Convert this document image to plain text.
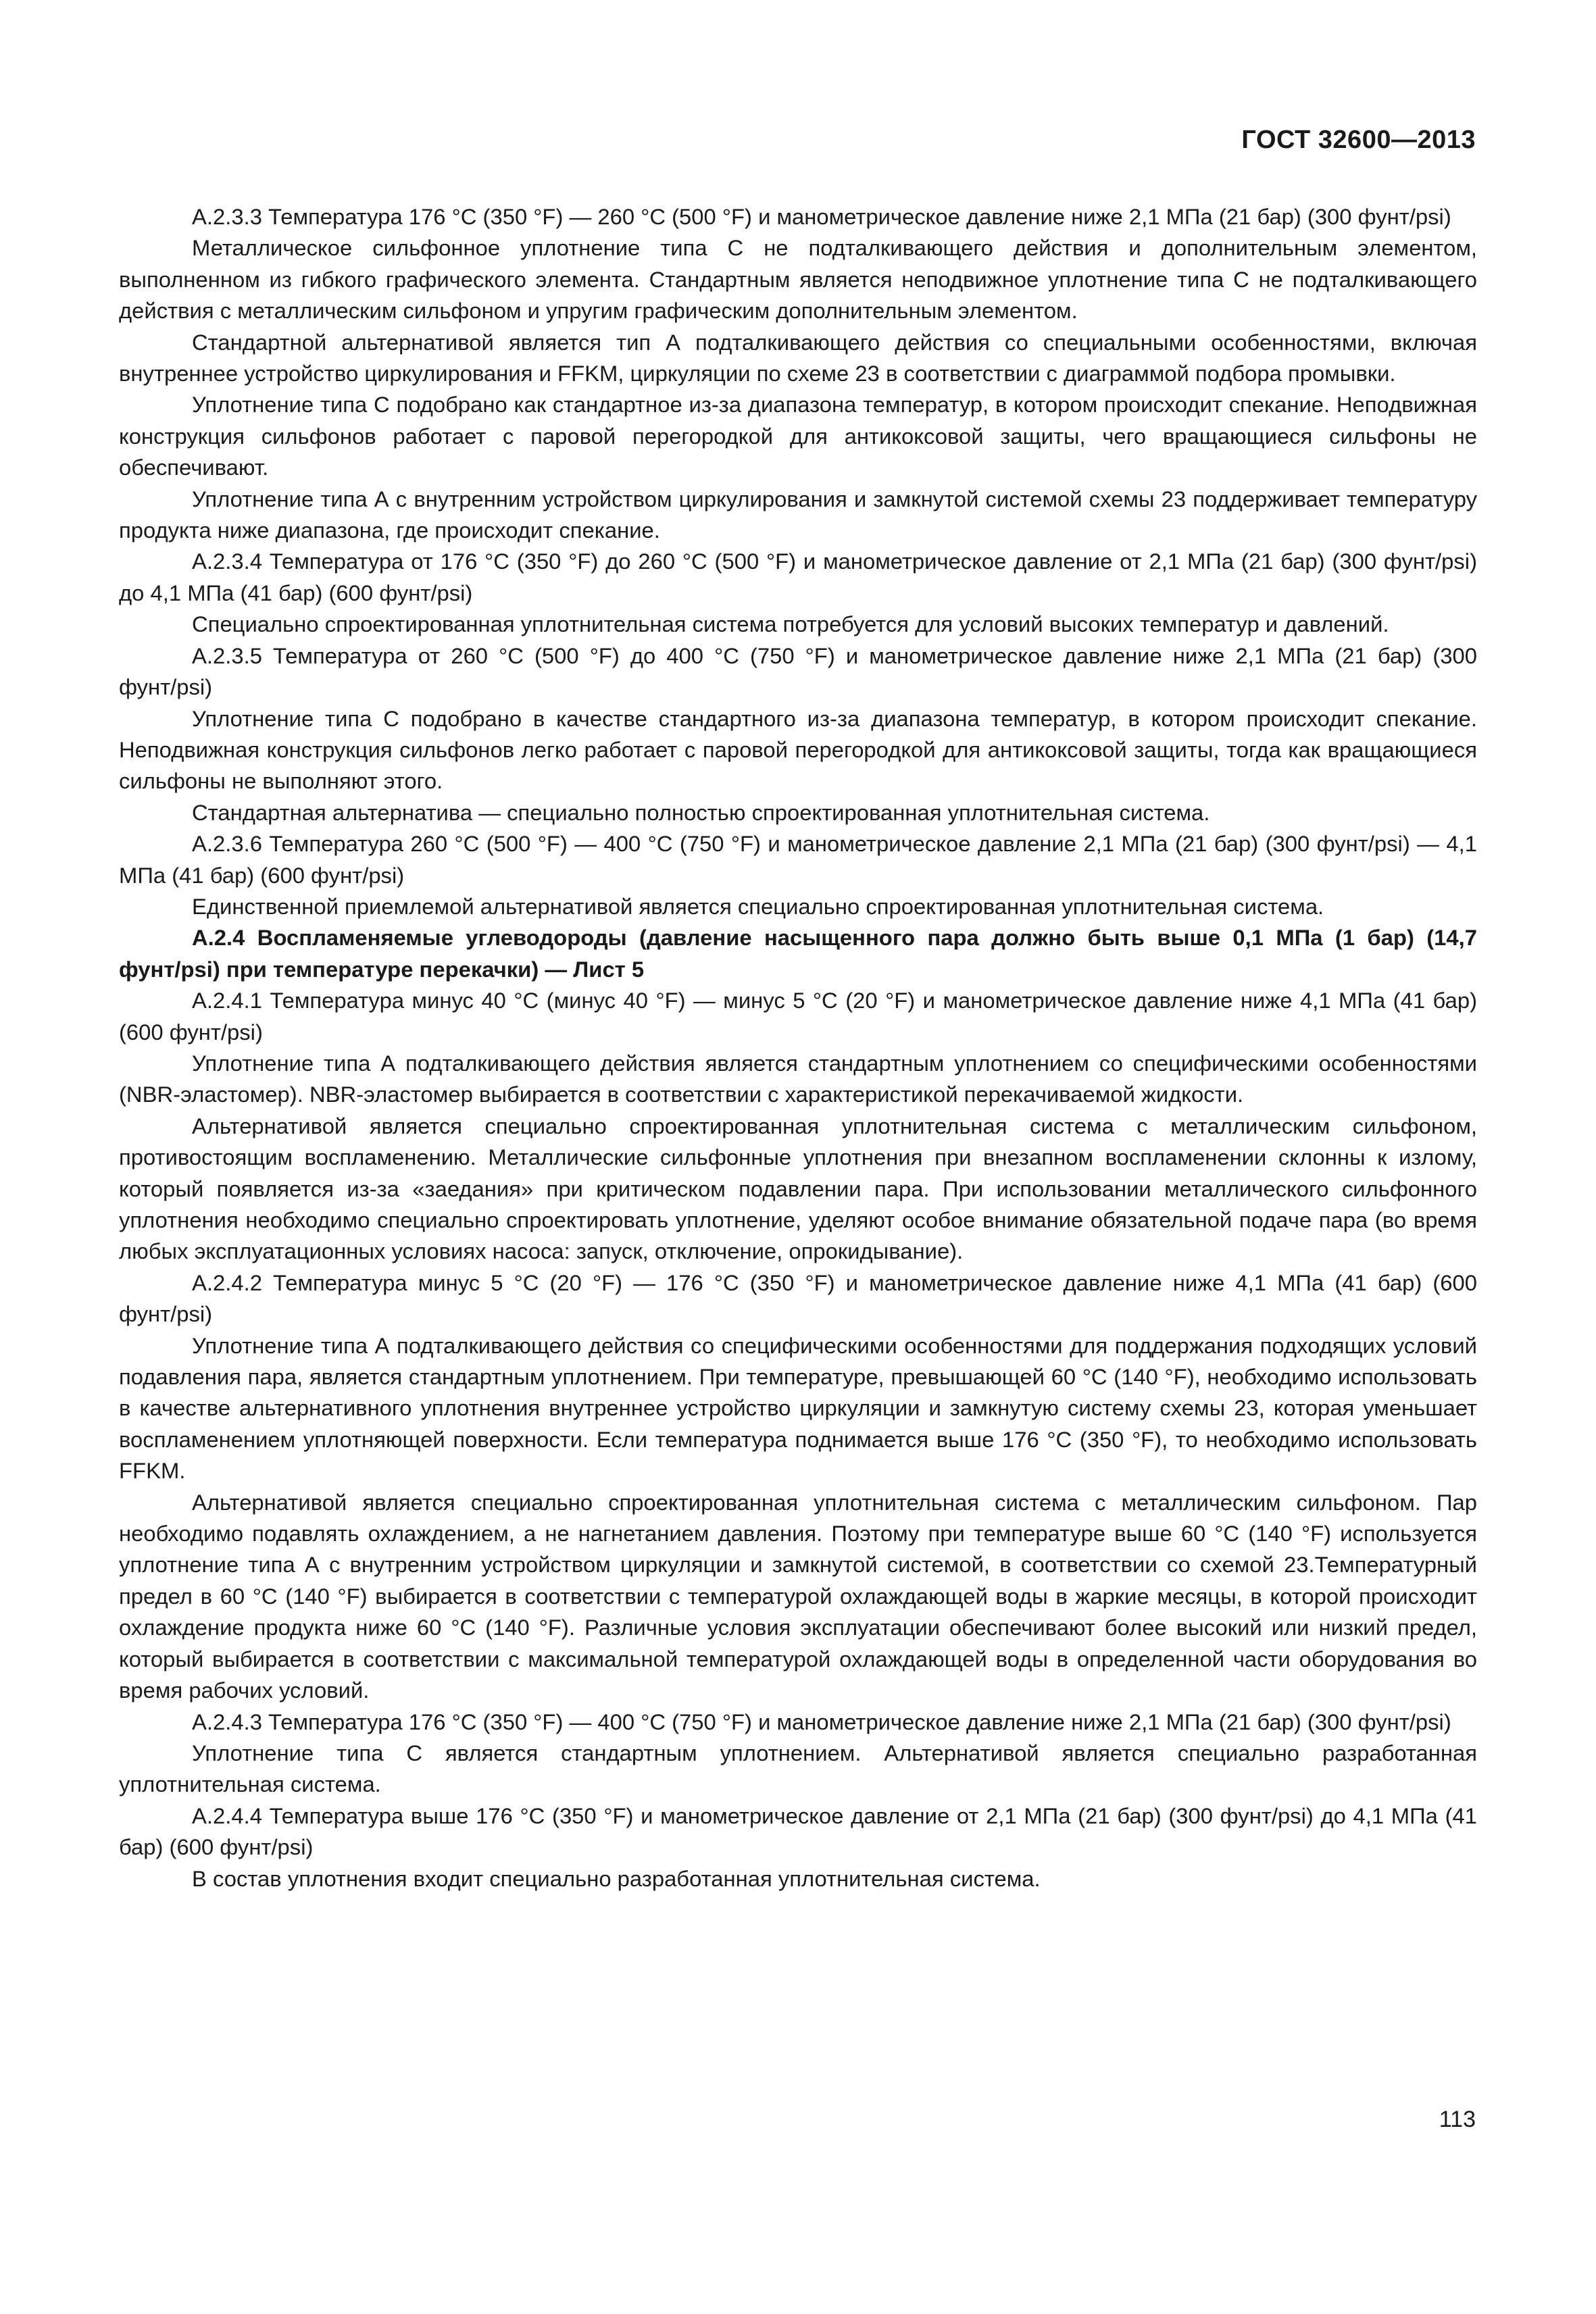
ГОСТ 32600—2013

А.2.3.3 Температура 176 °С (350 °F) — 260 °С (500 °F) и манометрическое давление ниже 2,1 МПа (21 бар) (300 фунт/psi)

Металлическое сильфонное уплотнение типа С не подталкивающего действия и дополнительным элементом, выполненном из гибкого графического элемента. Стандартным является неподвижное уплотнение типа С не подталкивающего действия с металлическим сильфоном и упругим графическим дополнительным элементом.

Стандартной альтернативой является тип А подталкивающего действия со специальными особенностями, включая внутреннее устройство циркулирования и FFKM, циркуляции по схеме 23 в соответствии с диаграммой подбора промывки.

Уплотнение типа С подобрано как стандартное из-за диапазона температур, в котором происходит спекание. Неподвижная конструкция сильфонов работает с паровой перегородкой для антикоксовой защиты, чего вращающиеся сильфоны не обеспечивают.

Уплотнение типа А с внутренним устройством циркулирования и замкнутой системой схемы 23 поддерживает температуру продукта ниже диапазона, где происходит спекание.

А.2.3.4 Температура от 176 °С (350 °F) до 260 °С (500 °F) и манометрическое давление от 2,1 МПа (21 бар) (300 фунт/psi) до 4,1 МПа (41 бар) (600 фунт/psi)

Специально спроектированная уплотнительная система потребуется для условий высоких температур и давлений.

А.2.3.5 Температура от 260 °С (500 °F) до 400 °С (750 °F) и манометрическое давление ниже 2,1 МПа (21 бар) (300 фунт/psi)

Уплотнение типа С подобрано в качестве стандартного из-за диапазона температур, в котором происходит спекание. Неподвижная конструкция сильфонов легко работает с паровой перегородкой для антикоксовой защиты, тогда как вращающиеся сильфоны не выполняют этого.

Стандартная альтернатива — специально полностью спроектированная уплотнительная система.

А.2.3.6 Температура 260 °С (500 °F) — 400 °С (750 °F) и манометрическое давление 2,1 МПа (21 бар) (300 фунт/psi) — 4,1 МПа (41 бар) (600 фунт/psi)

Единственной приемлемой альтернативой является специально спроектированная уплотнительная система.

А.2.4 Воспламеняемые углеводороды (давление насыщенного пара должно быть выше 0,1 МПа (1 бар) (14,7 фунт/psi) при температуре перекачки) — Лист 5

А.2.4.1 Температура минус 40 °С (минус 40 °F) — минус 5 °С (20 °F) и манометрическое давление ниже 4,1 МПа (41 бар) (600 фунт/psi)

Уплотнение типа А подталкивающего действия является стандартным уплотнением со специфическими особенностями (NBR-эластомер). NBR-эластомер выбирается в соответствии с характеристикой перекачиваемой жидкости.

Альтернативой является специально спроектированная уплотнительная система с металлическим сильфоном, противостоящим воспламенению. Металлические сильфонные уплотнения при внезапном воспламенении склонны к излому, который появляется из-за «заедания» при критическом подавлении пара. При использовании металлического сильфонного уплотнения необходимо специально спроектировать уплотнение, уделяют особое внимание обязательной подаче пара (во время любых эксплуатационных условиях насоса: запуск, отключение, опрокидывание).

А.2.4.2 Температура минус 5 °С (20 °F) — 176 °С (350 °F) и манометрическое давление ниже 4,1 МПа (41 бар) (600 фунт/psi)

Уплотнение типа А подталкивающего действия со специфическими особенностями для поддержания подходящих условий подавления пара, является стандартным уплотнением. При температуре, превышающей 60 °С (140 °F), необходимо использовать в качестве альтернативного уплотнения внутреннее устройство циркуляции и замкнутую систему схемы 23, которая уменьшает воспламенением уплотняющей поверхности. Если температура поднимается выше 176 °С (350 °F), то необходимо использовать FFKM.

Альтернативой является специально спроектированная уплотнительная система с металлическим сильфоном. Пар необходимо подавлять охлаждением, а не нагнетанием давления. Поэтому при температуре выше 60 °С (140 °F) используется уплотнение типа А с внутренним устройством циркуляции и замкнутой системой, в соответствии со схемой 23.Температурный предел в 60 °С (140 °F) выбирается в соответствии с температурой охлаждающей воды в жаркие месяцы, в которой происходит охлаждение продукта ниже 60 °С (140 °F). Различные условия эксплуатации обеспечивают более высокий или низкий предел, который выбирается в соответствии с максимальной температурой охлаждающей воды в определенной части оборудования во время рабочих условий.

А.2.4.3 Температура 176 °С (350 °F) — 400 °С (750 °F) и манометрическое давление ниже 2,1 МПа (21 бар) (300 фунт/psi)

Уплотнение типа С является стандартным уплотнением. Альтернативой является специально разработанная уплотнительная система.

А.2.4.4 Температура выше 176 °С (350 °F) и манометрическое давление от 2,1 МПа (21 бар) (300 фунт/psi) до 4,1 МПа (41 бар) (600 фунт/psi)

В состав уплотнения входит специально разработанная уплотнительная система.

113
